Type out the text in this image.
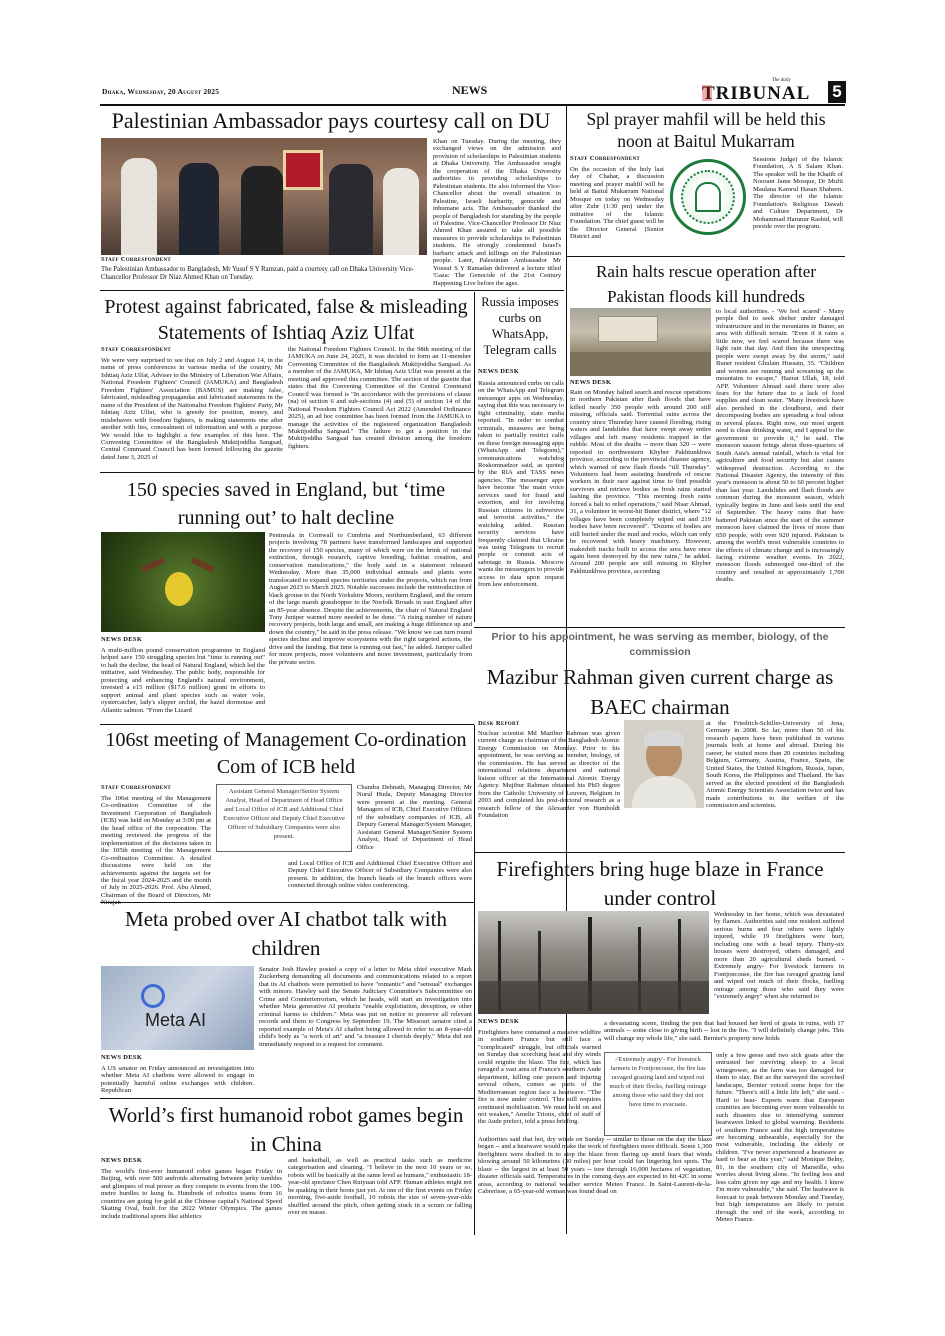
Dhaka, Wednesday, 20 August 2025	NEWS
The daily
TRIBUNAL 5
Palestinian Ambassador pays courtesy call on DU
Staff Correspondent
The Palestinian Ambassador to Bangladesh, Mr Yusuf S Y Ramzan, paid a courtesy call on Dhaka University Vice-Chancellor Professor Dr Niaz Ahmed Khan on Tuesday.
Khan on Tuesday. During the meeting, they exchanged views on the admission and provision of scholarships to Palestinian students at Dhaka University. The Ambassador sought the cooperation of the Dhaka University authorities in providing scholarships to Palestinian students. He also informed the Vice-Chancellor about the overall situation in Palestine, Israeli barbarity, genocide and inhumane acts. The Ambassador thanked the people of Bangladesh for standing by the people of Palestine. Vice-Chancellor Professor Dr Niaz Ahmed Khan assured to take all possible measures to provide scholarships to Palestinian students. He strongly condemned Israel's barbaric attack and killings on the Palestinian people. Later, Palestinian Ambassador Mr Yousuf S Y Ramadan delivered a lecture titled 'Gaza: The Genocide of the 21st Century Happening Live before the ages.
Spl prayer mahfil will be held this noon at Baitul Mukarram
Staff Correspondent
On the occasion of the holy last day of Chahar, a discussion meeting and prayer mahfil will be held at Baitul Mukarram National Mosque on today on Wednesday after Zuhr (1:30 pm) under the initiative of the Islamic Foundation. The chief guest will be the Director General (Senior District and
Sessions Judge) of the Islamic Foundation, A S Salam Khan. The speaker will be the Khatib of Noorani Jame Mosque, Dr Mufti Maulana Kamrul Hasan Shaheen. The director of the Islamic Foundation's Religious Dawah and Culture Department, Dr Mohammad Harunur Rashid, will preside over the program.
Protest against fabricated, false & misleading Statements of Ishtiaq Aziz Ulfat
Staff Correspondent
We were very surprised to see that on July 2 and August 14, in the name of press conferences in various media of the country, Mr Ishtiaq Aziz Ulfat, Adviser to the Ministry of Liberation War Affairs, National Freedom Fighters' Council (JAMUKA) and Bangladesh Freedom Fighters' Association (BAMUS) are making false, fabricated, misleading propagandas and fabricated statements in the name of the President of the Nationalist Freedom Fighters' Party, Mr Ishtiaq Aziz Ulfat, who is greedy for position, money, and misbehaves with freedom fighters, is making statements one after another with lies, concealment of information and with a purpose. We would like to highlight a few examples of this here. The Convening Committee of the Bangladesh Muktijoddha Sangsad, Central Command Council has been formed following the gazette dated June 3, 2025 of
the National Freedom Fighters Council. In the 98th meeting of the JAMUKA on June 24, 2025, it was decided to form an 11-member Convening Committee of the Bangladesh Muktijoddha Sangsad. As a member of the JAMUKA, Mr Ishtiaq Aziz Ulfat was present at the meeting and approved this committee. The section of the gazette that states that the Convening Committee of the Central Command Council was formed is "In accordance with the provisions of clause (na) of section 6 and sub-sections (4) and (5) of section 14 of the National Freedom Fighters Council Act 2022 (Amended Ordinance 2025), an ad hoc committee has been formed from the JAMUKA to manage the activities of the registered organization Bangladesh Muktijoddha Sangsad." The failure to get a position in the Muktijoddha Sangsad has created division among the freedom fighters.
Russia imposes curbs on WhatsApp, Telegram calls
NEWS DESK
Russia announced curbs on calls on the WhatsApp and Telegram messenger apps on Wednesday, saying that this was necessary to fight criminality, state media reported. "In order to combat criminals, measures are being taken to partially restrict calls on these foreign messaging apps (WhatsApp and Telegram)," communications watchdog Roskomnadzor said, as quoted by the RIA and TASS news agencies. The messenger apps have become "the main voice services used for fraud and extortion, and for involving Russian citizens in subversive and terrorist activities," the watchdog added. Russian security services have frequently claimed that Ukraine was using Telegram to recruit people or commit acts of sabotage in Russia. Moscow wants the messengers to provide access to data upon request from law enforcement.
Rain halts rescue operation after Pakistan floods kill hundreds
NEWS DESK
Rain on Monday halted search and rescue operations in northern Pakistan after flash floods that have killed nearly 350 people with around 200 still missing, officials said. Torrential rains across the country since Thursday have caused flooding, rising waters and landslides that have swept away entire villages and left many residents trapped in the rubble. Most of the deaths -- more than 320 -- were reported in northwestern Khyber Pakhtunkhwa province, according to the provincial disaster agency, which warned of new flash floods "till Thursday". Volunteers had been assisting hundreds of rescue workers in their race against time to find possible survivors and retrieve bodies as fresh rains started lashing the province. "This morning fresh rains forced a halt to relief operations," said Nisar Ahmad, 31, a volunteer in worst-hit Buner district, where "12 villages have been completely wiped out and 219 bodies have been recovered". "Dozens of bodies are still buried under the mud and rocks, which can only be recovered with heavy machinery. However, makeshift tracks built to access the area have once again been destroyed by the new rains," he added. Around 200 people are still missing in Khyber Pakhtunkhwa province, according
to local authorities. - 'We feel scared' - Many people fled to seek shelter under damaged infrastructure and in the mountains in Buner, an area with difficult terrain. "Even if it rains a little now, we feel scared because there was light rain that day. And then the unexpecting people were swept away by the storm," said Buner resident Ghulam Hussain, 35. "Children and women are running and screaming up the mountains to escape," Hazrat Ullah, 18, told AFP. Volunteer Ahmad said there were also fears for the future due to a lack of food supplies and clean water. "Many livestock have also perished in the cloudburst, and their decomposing bodies are spreading a foul odour in several places. Right now, our most urgent need is clean drinking water, and I appeal to the government to provide it," he said. The monsoon season brings about three-quarters of South Asia's annual rainfall, which is vital for agriculture and food security but also causes widespread destruction. According to the National Disaster Agency, the intensity of this year's monsoon is about 50 to 60 percent higher than last year. Landslides and flash floods are common during the monsoon season, which typically begins in June and lasts until the end of September. The heavy rains that have battered Pakistan since the start of the summer monsoon have claimed the lives of more than 650 people, with over 920 injured. Pakistan is among the world's most vulnerable countries to the effects of climate change and is increasingly facing extreme weather events. In 2022, monsoon floods submerged one-third of the country and resulted in approximately 1,700 deaths.
150 species saved in England, but ‘time running out’ to halt decline
NEWS DESK
A multi-million pound conservation programme in England helped save 150 struggling species but "time is running out" to halt the decline, the head of Natural England, which led the initiative, said Wednesday. The public body, responsible for protecting and enhancing England's natural environment, invested a e15 million ($17.6 million) grant in efforts to support animal and plant species such as water vole, oystercatcher, lady's slipper orchid, the hazel dormouse and Atlantic salmon. "From the Lizard
Peninsula in Cornwall to Cumbria and Northumberland, 63 different projects involving 78 partners have transformed landscapes and supported the recovery of 150 species, many of which were on the brink of national extinction, through research, captive breeding, habitat creation, and conservation translocations," the body said in a statement released Wednesday. More than 35,000 individual animals and plants were translocated to expand species territories under the projects, which ran from August 2023 to March 2025. Notable successes include the reintroduction of black grouse to the North Yorkshire Moors, northern England, and the return of the large marsh grasshopper to the Norfolk Broads in east England after an 85-year absence. Despite the achievements, the chair of Natural England Tony Juniper warned more needed to be done. "A rising number of nature recovery projects, both large and small, are making a huge difference up and down the country," he said in the press release. "We know we can turn round species decline and improve ecosystems with the right targeted actions, the drive and the funding. But time is running out fast," he added. Juniper called for more projects, more volunteers and more investment, particularly from the private sector.
Prior to his appointment, he was serving as member, biology, of the commission
Mazibur Rahman given current charge as BAEC chairman
Desk Report
Nuclear scientist Md Mazibur Rahman was given current charge as chairman of the Bangladesh Atomic Energy Commission on Monday. Prior to his appointment, he was serving as member, biology, of the commission. He has served as director of the international relations department and national liaison officer at the International Atomic Energy Agency. Mujibur Rahman obtained his PhD degree from the Catholic University of Leuven, Belgium in 2003 and completed his post-doctoral research as a research fellow of the Alexander von Humboldt Foundation
at the Friedrich-Schiller-University of Jena, Germany in 2008. So far, more than 50 of his research papers have been published in various journals both at home and abroad. During his career, he visited more than 20 countries including Belgium, Germany, Austria, France, Spain, the United States, the United Kingdom, Russia, Japan, South Korea, the Philippines and Thailand. He has served as the elected president of the Bangladesh Atomic Energy Scientists Association twice and has made contributions to the welfare of the commission and scientists.
106st meeting of Management Co-ordination Com of ICB held
Staff Correspondent
The 106st meeting of the Management Co-ordination Committee of the Investment Corporation of Bangladesh (ICB) was held on Monday at 3:00 pm at the head office of the corporation. The meeting reviewed the progress of the implementation of the decisions taken in the 105th meeting of the Management Co-ordination Committee. A detailed discussions were held on the achievements against the targets set for the fiscal year 2024-2025 and the month of July in 2025-2026. Prof. Abu Ahmed, Chairman of the Board of Directors, Mr
Assistant General Manager/Senior System Analyst, Head of Department of Head Office and Local Office of ICB and Additional Chief Executive Officer and Deputy Chief Executive Officer of Subsidiary Companies were also present.
Chandra Debnath, Managing Director, Mr Nurul Huda, Deputy Managing Director were present at the meeting. General Managers of ICB, Chief Executive Officers of the subsidiary companies of ICB, all Deputy General Manager/System Manager, Assistant General Manager/Senior System Analyst, Head of Department of Head Office
and Local Office of ICB and Additional Chief Executive Officer and Deputy Chief Executive Officer of Subsidiary Companies were also present. In addition, the branch heads of the branch offices were connected through online video conferencing.
Meta probed over AI chatbot talk with children
Meta AI
NEWS DESK
A US senator on Friday announced an investigation into whether Meta AI chatbots were allowed to engage in potentially harmful online exchanges with children. Republican
Senator Josh Hawley posted a copy of a letter to Meta chief executive Mark Zuckerberg demanding all documents and communications related to a report that its AI chatbots were permitted to have "romantic" and "sensual" exchanges with minors. Hawley said the Senate Judiciary Committee's Subcommittee on Crime and Counterterrorism, which he heads, will start an investigation into whether Meta generative AI products "enable exploitation, deception, or other criminal harms to children." Meta was put on notice to preserve all relevant records and them to Congress by September 19. The Missouri senator cited a reported example of Meta's AI chatbot being allowed to refer to an 8-year-old child's body as "a work of art" and "a treasure I cherish deeply." Meta did not immediately respond to a request for comment.
Firefighters bring huge blaze in France under control
Wednesday in her home, which was devastated by flames. Authorities said one resident suffered serious burns and four others were lightly injured, while 19 firefighters were hurt, including one with a head injury. Thirty-six houses were destroyed, others damaged, and more than 20 agricultural sheds burned. -Extremely angry- For livestock farmers in Fontjoncouse, the fire has ravaged grazing land and wiped out much of their flocks, fuelling outrage among those who said they were "extremely angry" when she returned to
a devastating scene, finding the pen that had housed her herd of goats in ruins, with 17 animals -- some close to giving birth -- lost in the fire. "I will definitely change jobs. This will change my whole life," she said. Bernier's property now holds
NEWS DESK
Firefighters have contained a massive wildfire in southern France but still face a "complicated" struggle, but officials warned on Sunday that scorching heat and dry winds could reignite the blaze. The fire, which has ravaged a vast area of France's southern Aude department, killing one person and injuring several others, comes as parts of the Mediterranean region face a heatwave. "The fire is now under control. This still requires continued mobilisation. We must hold on and not weaken," Amelie Trioux, chief of staff of the Aude prefect, told a press briefing.
-'Extremely angry'- For livestock farmers in Fontjoncouse, the fire has ravaged grazing land and wiped out much of their flocks, fuelling outrage among those who said they did not have time to evacuate.
Authorities said that hot, dry winds on Sunday -- similar to those on the day the blaze began -- and a heatwave would make the work of firefighters more difficult. Some 1,300 firefighters were drafted in to stop the blaze from flaring up amid fears that winds blowing around 50 kilometres (30 miles) per hour could fan lingering hot spots. The blaze -- the largest in at least 50 years -- tore through 16,000 hectares of vegetation, disaster officials said. Temperatures in the coming days are expected to hit 42C in some areas, according to national weather service Meteo France. In Saint-Laurent-de-la-Cabrerisse, a 65-year-old woman was found dead on
only a few geese and two sick goats after the entrusted her surviving sheep to a local winegrower, as the farm was too damaged for them to stay. But as the surveyed the scorched landscape, Bernier voiced some hope for the future. "There's still a little life left," she said. -Hard to bear- Experts warn that European countries are becoming ever more vulnerable to such disasters due to intensifying summer heatwaves linked to global warming. Residents of southern France said the high temperatures are becoming unbearable, especially for the most vulnerable, including the elderly or children. "I've never experienced a heatwave as hard to bear as this year," said Monique Belny, 81, in the southern city of Marseille, who worries about living alone. "In feeling less and less calm given my age and my health. I know I'm more vulnerable," she said. The heatwave is forecast to peak between Monday and Tuesday, but high temperatures are likely to persist through the end of the week, according to Meteo France.
World’s first humanoid robot games begin in China
NEWS DESK
The world's first-ever humanoid robot games began Friday in Beijing, with over 500 androids alternating between jerky tumbles and glimpses of real power as they compete in events from the 100-metre hurdles to kung fu. Hundreds of robotics teams from 16 countries are going for gold at the Chinese capital's National Speed Skating Oval, built for the 2022 Winter Olympics. The games include traditional sports like athletics
and basketball, as well as practical tasks such as medicine categorisation and cleaning. "I believe in the next 10 years or so, robots will be basically at the same level as humans," enthusiastic 18-year-old spectator Chen Ruiyuan told AFP. Human athletes might not be quaking in their boots just yet. At one of the first events on Friday morning, five-aside football, 10 robots the size of seven-year-olds shuffled around the pitch, often getting stuck in a scrum or falling over en masse.
